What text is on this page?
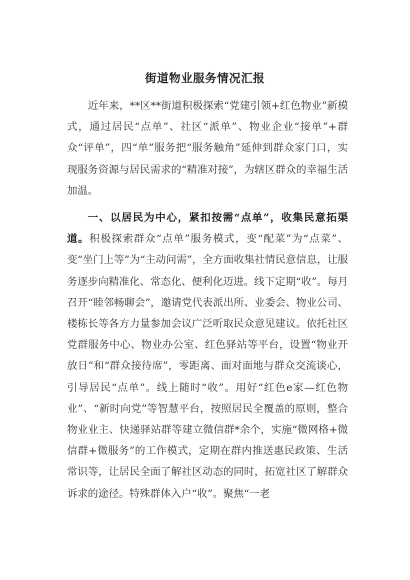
街道物业服务情况汇报

近年来，**区**街道积极探索“党建引领+红色物业”新模式，通过居民“点单”、社区“派单”、物业企业“接单”+群众“评单”，四“单”服务把“服务触角”延伸到群众家门口，实现服务资源与居民需求的“精准对接”，为辖区群众的幸福生活加温。

一、以居民为中心，紧扣按需“点单”，收集民意拓渠道。积极探索群众“点单”服务模式，变“配菜”为“点菜”、变“坐门上等”为“主动问需”，全方面收集社情民意信息，让服务逐步向精准化、常态化、便利化迈进。线下定期“收”。每月召开“睦邻畅聊会”，邀请党代表派出所、业委会、物业公司、楼栋长等各方力量参加会议广泛听取民众意见建议。依托社区党群服务中心、物业办公室、红色驿站等平台，设置“物业开放日”和“群众接待席”，零距离、面对面地与群众交流谈心，引导居民“点单”。线上随时“收”。用好“红色e家—红色物业”、“新时向党”等智慧平台，按照居民全覆盖的原则，整合物业业主、快递驿站群等建立微信群*余个，实施“微网格+微信群+微服务”的工作模式，定期在群内推送惠民政策、生活常识等，让居民全面了解社区动态的同时，拓宽社区了解群众诉求的途径。特殊群体入户“收”。聚焦“一老
